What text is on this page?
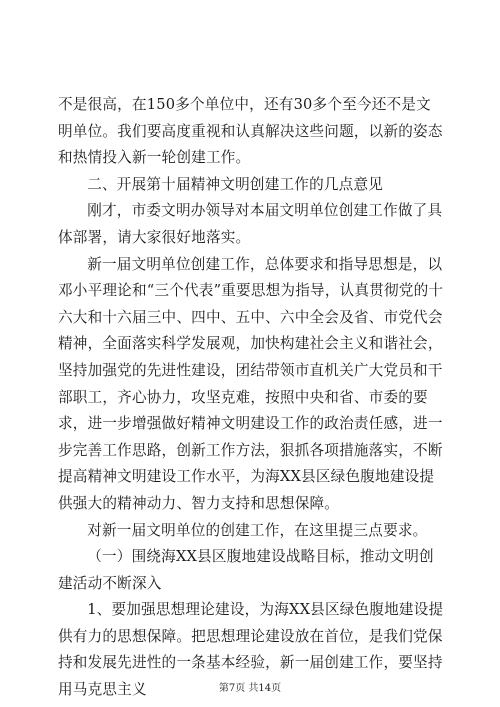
不是很高，在150多个单位中，还有30多个至今还不是文明单位。我们要高度重视和认真解决这些问题，以新的姿态和热情投入新一轮创建工作。

二、开展第十届精神文明创建工作的几点意见

刚才，市委文明办领导对本届文明单位创建工作做了具体部署，请大家很好地落实。

新一届文明单位创建工作，总体要求和指导思想是，以邓小平理论和“三个代表”重要思想为指导，认真贯彻党的十六大和十六届三中、四中、五中、六中全会及省、市党代会精神，全面落实科学发展观，加快构建社会主义和谐社会，坚持加强党的先进性建设，团结带领市直机关广大党员和干部职工，齐心协力，攻坚克难，按照中央和省、市委的要求，进一步增强做好精神文明建设工作的政治责任感，进一步完善工作思路，创新工作方法，狠抓各项措施落实，不断提高精神文明建设工作水平，为海XX县区绿色腹地建设提供强大的精神动力、智力支持和思想保障。

对新一届文明单位的创建工作，在这里提三点要求。

（一）围绕海XX县区腹地建设战略目标，推动文明创建活动不断深入

1、要加强思想理论建设，为海XX县区绿色腹地建设提供有力的思想保障。把思想理论建设放在首位，是我们党保持和发展先进性的一条基本经验，新一届创建工作，要坚持用马克思主义	第7页 共14页
